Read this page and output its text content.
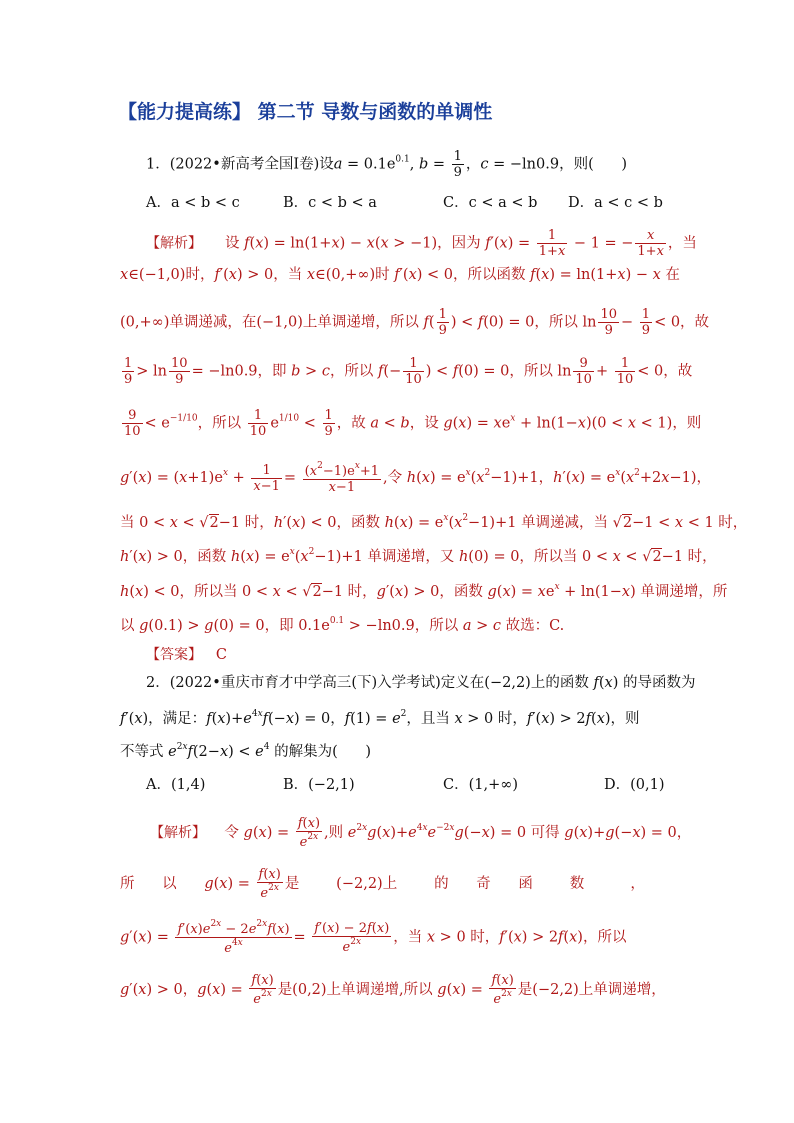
【能力提高练】 第二节 导数与函数的单调性
1．(2022•新高考全国Ⅰ卷)设$a = 0.1e^{0.1}$, $b = \frac{1}{9}$ ，c = −ln0.9，则(      )
A．a < b < c	B．c < b < a	C．c < a < b D．a < c < b
【解析】     设 f(x) = ln(1+x) − x(x > −1)，因为 $f'(x) = \frac{1}{1+x} - 1$ = − $\frac{x}{1+x}$ ，当
x∈(−1,0)时，f′(x) > 0，当 x∈(0,+∞)时 f′(x) < 0，所以函数 f(x) = ln(1+x) − x 在
(0,+∞)单调递减，在(−1,0)上单调递增，所以 $f( \frac{1}{9}$ ) < f(0) = 0，所以 $\ln \frac{10}{9} - \frac{1}{9} < 0$，故
$\frac{1}{9} > \ln \frac{10}{9} = -\ln 0.9$，即 b > c，所以 $f(- \frac{1}{10}$ ) < f(0) = 0，所以 $\ln \frac{9}{10} + \frac{1}{10} < 0$，故
$\frac{9}{10} < e^{-1/10}$，所以 $\frac{1}{10} e^{1/10} < \frac{1}{9}$ ，故 a < b，设 $g(x) = xe^x + \ln(1-x)(0 < x < 1)$，则
$g'(x) = (x+1)e^x + \frac{1}{x-1} = \frac{(x^2-1)e^x+1}{x-1}$ ,令 $h(x) = e^x(x^2-1)+1$，$h'(x) = e^x(x^2+2x-1)$，
当 0 < x < √2−1 时，h′(x) < 0，函数 $h(x) = e^x(x^2-1)+1$ 单调递减，当 √2−1 < x < 1 时，
h′(x) > 0，函数 $h(x) = e^x(x^2-1)+1$ 单调递增，又 h(0) = 0，所以当 0 < x < √2−1 时，
h(x) < 0，所以当 0 < x < √2−1 时，g′(x) > 0，函数 $g(x) = xe^x + \ln(1-x)$ 单调递增，所
以 g(0.1) > g(0) = 0，即 $0.1e^{0.1} > -\ln 0.9$，所以 a > c 故选：C.
【答案】 C
2．(2022•重庆市育才中学高三(下)入学考试)定义在(−2,2)上的函数 f(x) 的导函数为
f′(x)，满足：$f(x)+e^{4x}f(-x) = 0$，$f(1) = e^2$，且当 x > 0 时，f′(x) > 2f(x)，则
不等式 $e^{2x}f(2-x) < e^4$ 的解集为(      )
A．(1,4)	B．(−2,1)	C．(1,+∞)	D．(0,1)
【解析】    令 $g(x) = \frac{f(x)}{e^{2x}}$ ,则 $e^{2x}g(x)+e^{4x}e^{-2x}g(-x) = 0$ 可得 g(x)+g(−x) = 0，
所      以      $g(x) = \frac{f(x)}{e^{2x}}$ 是        (−2,2)上        的      奇      函        数          ，
$g'(x) = \frac{f'(x)e^{2x} - 2e^{2x}f(x)}{e^{4x}} = \frac{f'(x) - 2f(x)}{e^{2x}}$ ，当 x > 0 时，f′(x) > 2f(x)，所以
g′(x) > 0，$g(x) = \frac{f(x)}{e^{2x}}$ 是(0,2)上单调递增,所以 $g(x) = \frac{f(x)}{e^{2x}}$ 是(−2,2)上单调递增，
